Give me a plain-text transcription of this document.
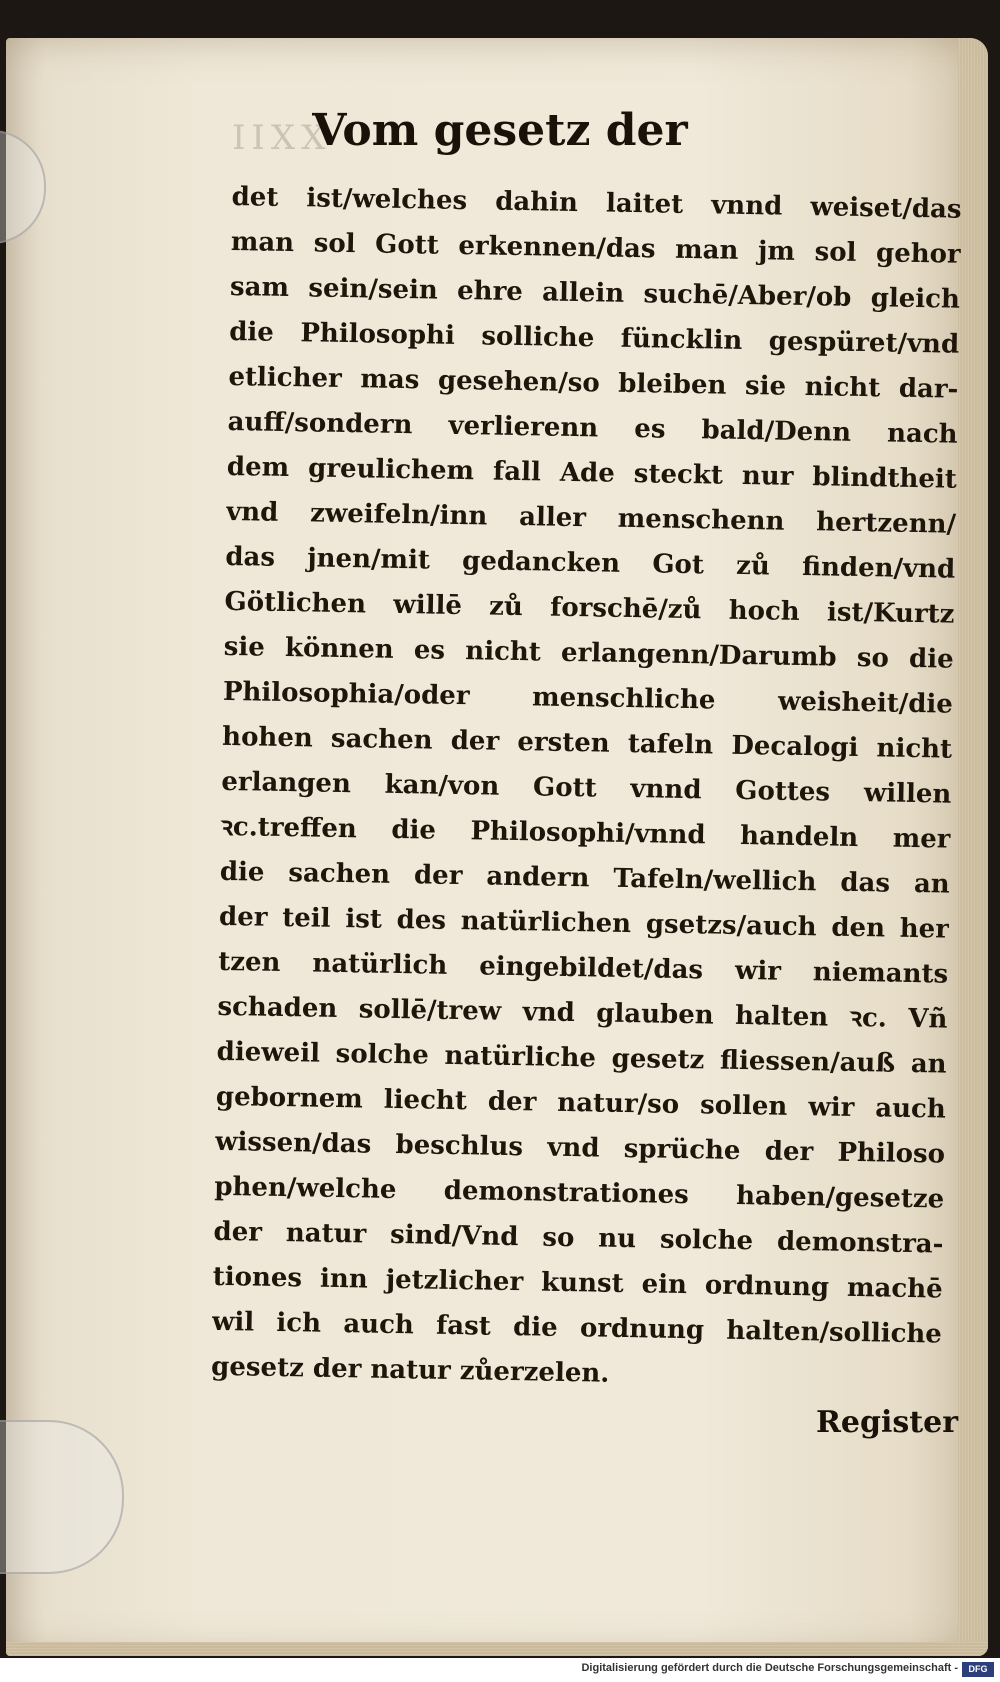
IIXX
Vom gesetz der
det ist/welches dahin laitet vnnd weiset/das
man sol Gott erkennen/das man jm sol gehor
sam sein/sein ehre allein suchē/Aber/ob gleich
die Philosophi solliche füncklin gespüret/vnd
etlicher mas gesehen/so bleiben sie nicht dar-
auff/sondern verlierenn es bald/Denn nach
dem greulichem fall Ade steckt nur blindtheit
vnd zweifeln/inn aller menschenn hertzenn/
das jnen/mit gedancken Got zů finden/vnd
Götlichen willē zů forschē/zů hoch ist/Kurtz
sie können es nicht erlangenn/Darumb so die
Philosophia/oder menschliche weisheit/die
hohen sachen der ersten tafeln Decalogi nicht
erlangen kan/von Gott vnnd Gottes willen
ꝛc.treffen die Philosophi/vnnd handeln mer
die sachen der andern Tafeln/wellich das an
der teil ist des natürlichen gsetzs/auch den her
tzen natürlich eingebildet/das wir niemants
schaden sollē/trew vnd glauben halten ꝛc. Vñ
dieweil solche natürliche gesetz fliessen/auß an
gebornem liecht der natur/so sollen wir auch
wissen/das beschlus vnd sprüche der Philoso
phen/welche demonstrationes haben/gesetze
der natur sind/Vnd so nu solche demonstra-
tiones inn jetzlicher kunst ein ordnung machē
wil ich auch fast die ordnung halten/solliche
gesetz der natur zůerzelen.

Register

Digitalisierung gefördert durch die Deutsche Forschungsgemeinschaft -	DFG
